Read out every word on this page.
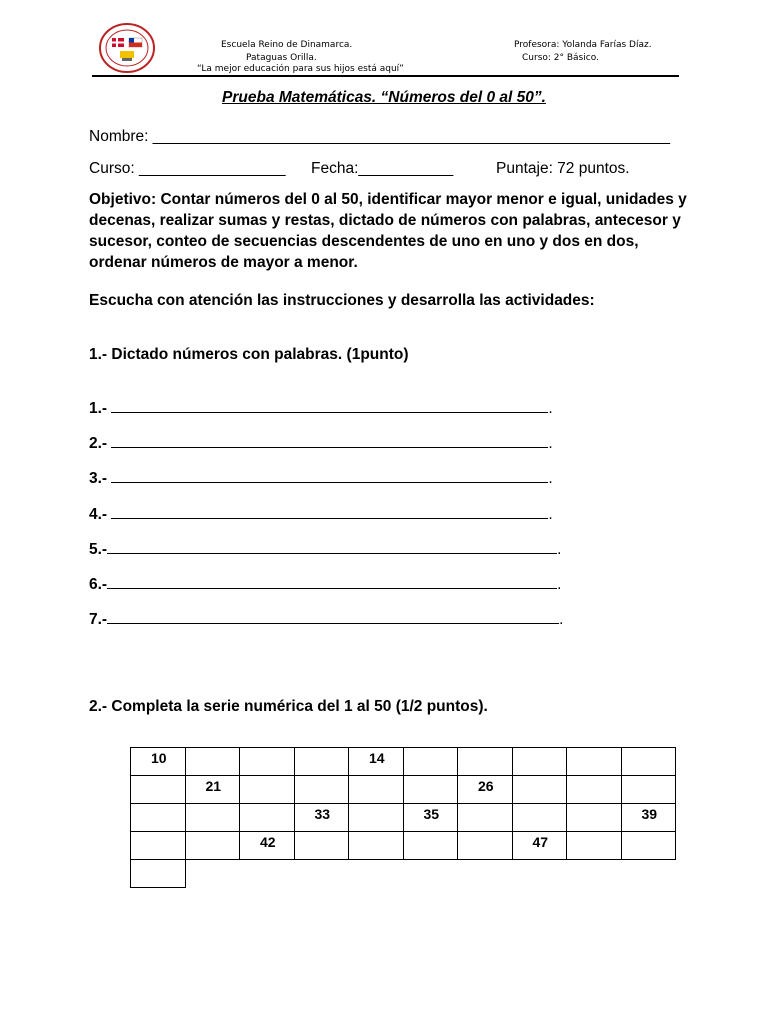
Escuela Reino de Dinamarca.
Pataguas Orilla.
“La mejor educación para sus hijos está aquí”
Profesora: Yolanda Farías Díaz.
Curso: 2° Básico.
Prueba Matemáticas. “Números del 0 al 50”.
Nombre: ____________________________________________________________
Curso: _________________ Fecha:___________	Puntaje: 72 puntos.
Objetivo: Contar números del 0 al 50, identificar mayor menor e igual, unidades y decenas, realizar sumas y restas, dictado de números con palabras, antecesor y sucesor, conteo de secuencias descendentes de uno en uno y dos en dos, ordenar números de mayor a menor.
Escucha con atención las instrucciones y desarrolla las actividades:
1.- Dictado números con palabras. (1punto)
1.-	.
2.-	.
3.-	.
4.-	.
5.-	.
6.-	.
7.-	.
2.- Completa la serie numérica del 1 al 50 (1/2 puntos).
10				14					
	21					26			
			33		35				39
		42					47		
